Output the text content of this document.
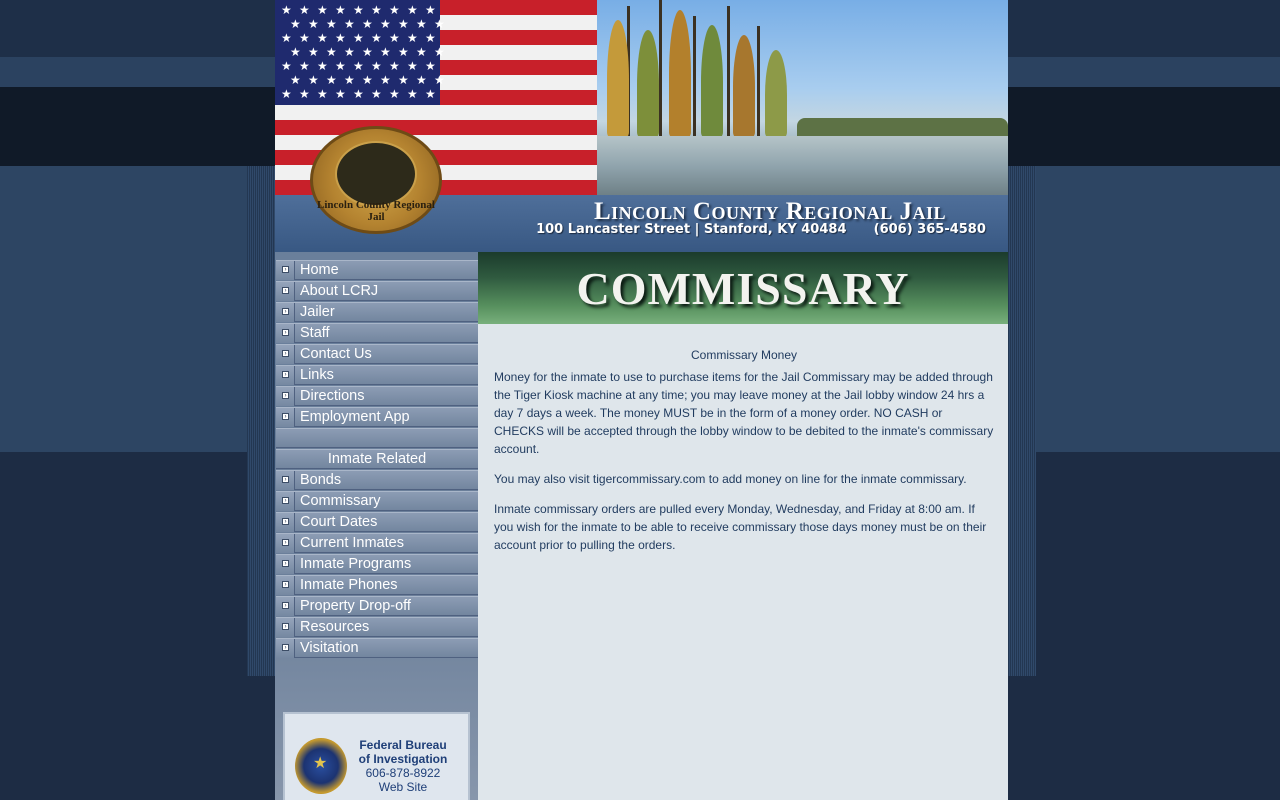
★ ★ ★ ★ ★ ★ ★ ★ ★
★ ★ ★ ★ ★ ★ ★ ★ ★
★ ★ ★ ★ ★ ★ ★ ★ ★
★ ★ ★ ★ ★ ★ ★ ★ ★
★ ★ ★ ★ ★ ★ ★ ★ ★
★ ★ ★ ★ ★ ★ ★ ★ ★
★ ★ ★ ★ ★ ★ ★ ★ ★
Lincoln County Regional Jail	Lincoln County Regional Jail
100 Lancaster Street | Stanford, KY 40484      (606) 365-4580
› Home
› About LCRJ
› Jailer
› Staff
› Contact Us
› Links
› Directions
› Employment App
Inmate Related
› Bonds
› Commissary
› Court Dates
› Current Inmates
› Inmate Programs
› Inmate Phones
› Property Drop-off
› Resources
› Visitation
★
Federal Bureau
of Investigation
606-878-8922
Web Site
COMMISSARY
Commissary Money

Money for the inmate to use to purchase items for the Jail Commissary may be added through the Tiger Kiosk machine at any time; you may leave money at the Jail lobby window 24 hrs a day 7 days a week. The money MUST be in the form of a money order. NO CASH or CHECKS will be accepted through the lobby window to be debited to the inmate's commissary account.

You may also visit tigercommissary.com to add money on line for the inmate commissary.

Inmate commissary orders are pulled every Monday, Wednesday, and Friday at 8:00 am. If you wish for the inmate to be able to receive commissary those days money must be on their account prior to pulling the orders.
